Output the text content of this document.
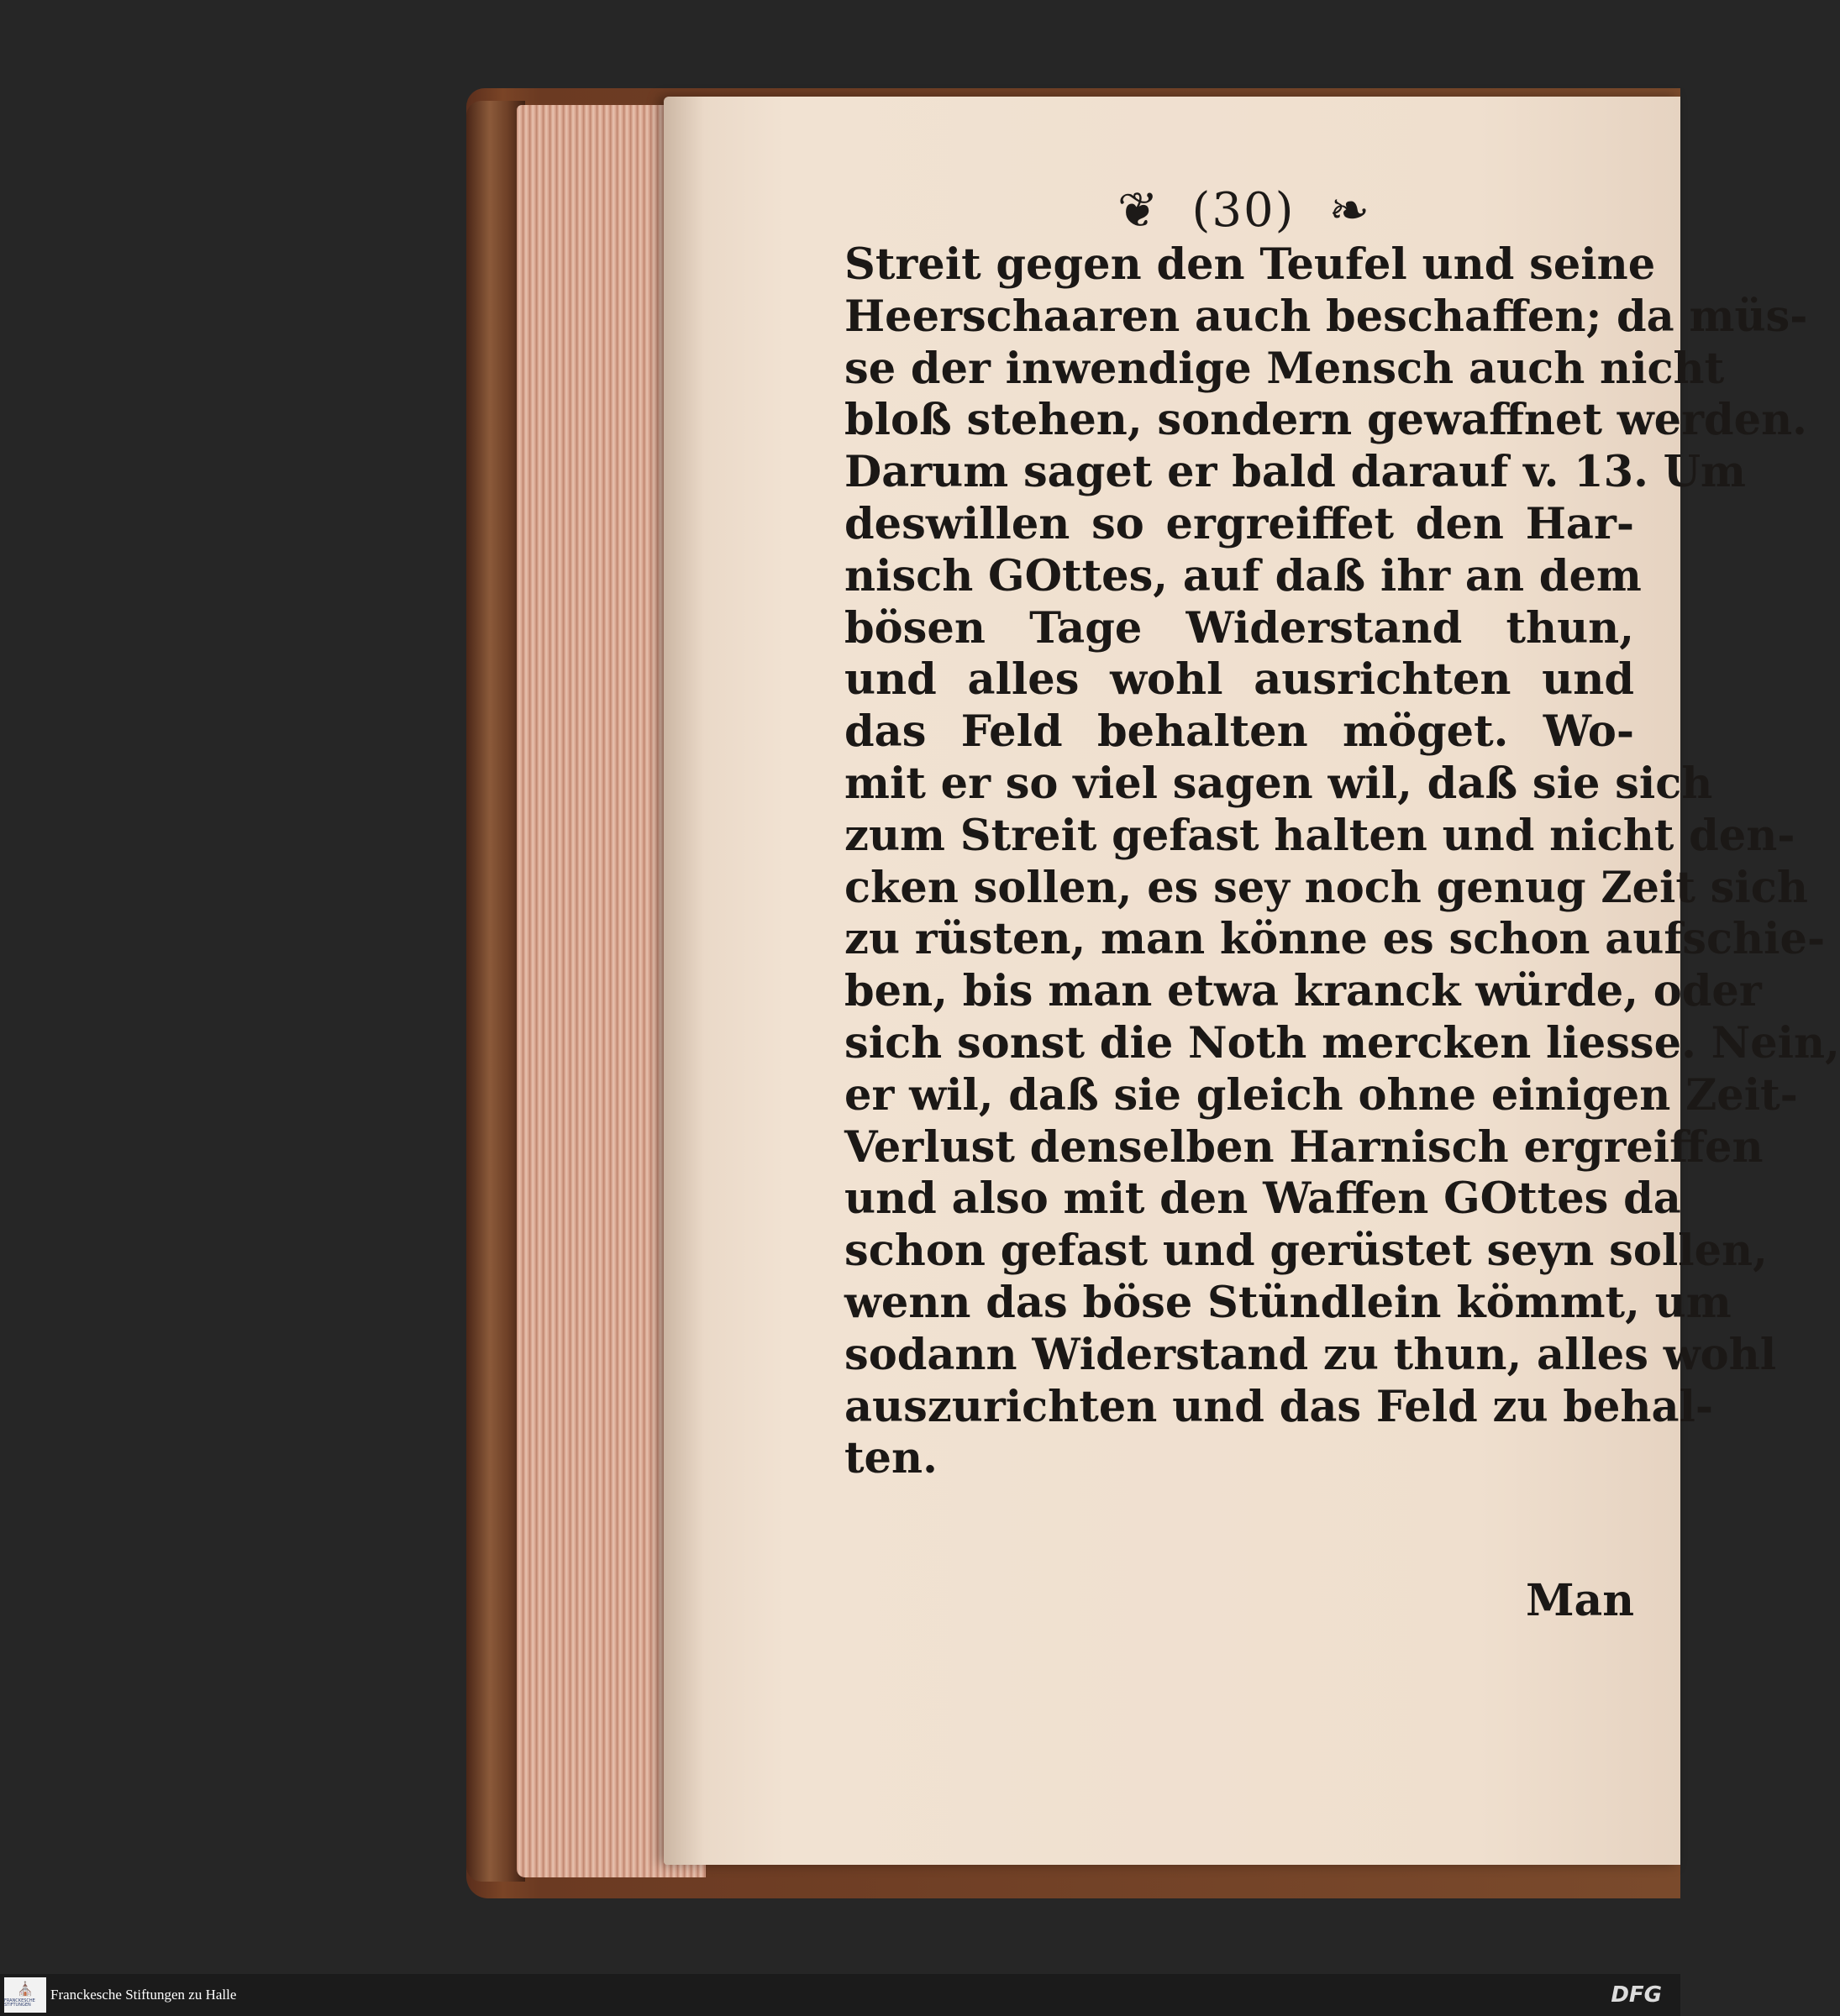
❦ (30) ❧
Streit gegen den Teufel und seine
Heerschaaren auch beschaffen; da müs-
se der inwendige Mensch auch nicht
bloß stehen, sondern gewaffnet werden.
Darum saget er bald darauf v. 13. Um
deswillen so ergreiffet den Har-
nisch GOttes, auf daß ihr an dem
bösen Tage Widerstand thun,
und alles wohl ausrichten und
das Feld behalten möget. Wo-
mit er so viel sagen wil, daß sie sich
zum Streit gefast halten und nicht den-
cken sollen, es sey noch genug Zeit sich
zu rüsten, man könne es schon aufschie-
ben, bis man etwa kranck würde, oder
sich sonst die Noth mercken liesse. Nein,
er wil, daß sie gleich ohne einigen Zeit-
Verlust denselben Harnisch ergreiffen
und also mit den Waffen GOttes da
schon gefast und gerüstet seyn sollen,
wenn das böse Stündlein kömmt, um
sodann Widerstand zu thun, alles wohl
auszurichten und das Feld zu behal-
ten.
Man
⛪
FRANCKESCHE STIFTUNGEN
Franckesche Stiftungen zu Halle	DFG
